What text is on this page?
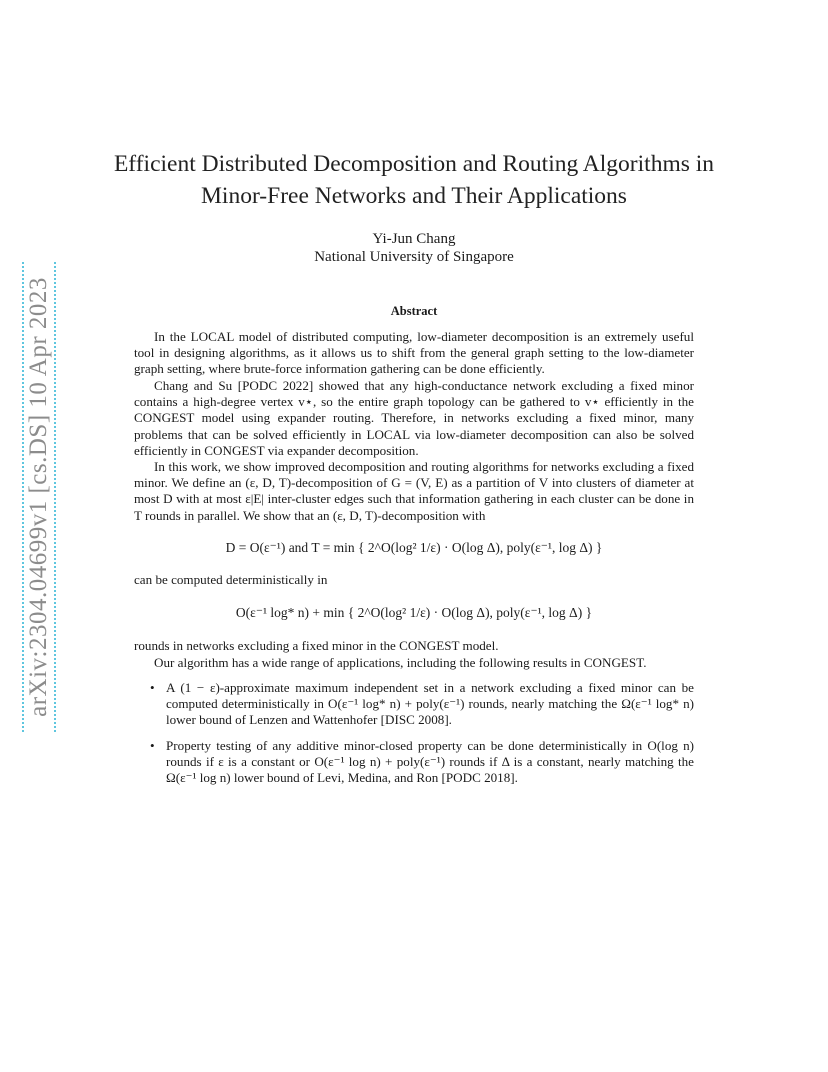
arXiv:2304.04699v1 [cs.DS] 10 Apr 2023
Efficient Distributed Decomposition and Routing Algorithms in
Minor-Free Networks and Their Applications
Yi-Jun Chang
National University of Singapore
Abstract
In the LOCAL model of distributed computing, low-diameter decomposition is an extremely useful tool in designing algorithms, as it allows us to shift from the general graph setting to the low-diameter graph setting, where brute-force information gathering can be done efficiently.
Chang and Su [PODC 2022] showed that any high-conductance network excluding a fixed minor contains a high-degree vertex v⋆, so the entire graph topology can be gathered to v⋆ efficiently in the CONGEST model using expander routing. Therefore, in networks excluding a fixed minor, many problems that can be solved efficiently in LOCAL via low-diameter decomposition can also be solved efficiently in CONGEST via expander decomposition.
In this work, we show improved decomposition and routing algorithms for networks excluding a fixed minor. We define an (ε, D, T)-decomposition of G = (V, E) as a partition of V into clusters of diameter at most D with at most ε|E| inter-cluster edges such that information gathering in each cluster can be done in T rounds in parallel. We show that an (ε, D, T)-decomposition with
D = O(ε⁻¹) and T = min { 2^O(log² 1/ε) · O(log Δ), poly(ε⁻¹, log Δ) }
can be computed deterministically in
O(ε⁻¹ log* n) + min { 2^O(log² 1/ε) · O(log Δ), poly(ε⁻¹, log Δ) }
rounds in networks excluding a fixed minor in the CONGEST model.
Our algorithm has a wide range of applications, including the following results in CONGEST.
• A (1 − ε)-approximate maximum independent set in a network excluding a fixed minor can be computed deterministically in O(ε⁻¹ log* n) + poly(ε⁻¹) rounds, nearly matching the Ω(ε⁻¹ log* n) lower bound of Lenzen and Wattenhofer [DISC 2008].
• Property testing of any additive minor-closed property can be done deterministically in O(log n) rounds if ε is a constant or O(ε⁻¹ log n) + poly(ε⁻¹) rounds if Δ is a constant, nearly matching the Ω(ε⁻¹ log n) lower bound of Levi, Medina, and Ron [PODC 2018].
